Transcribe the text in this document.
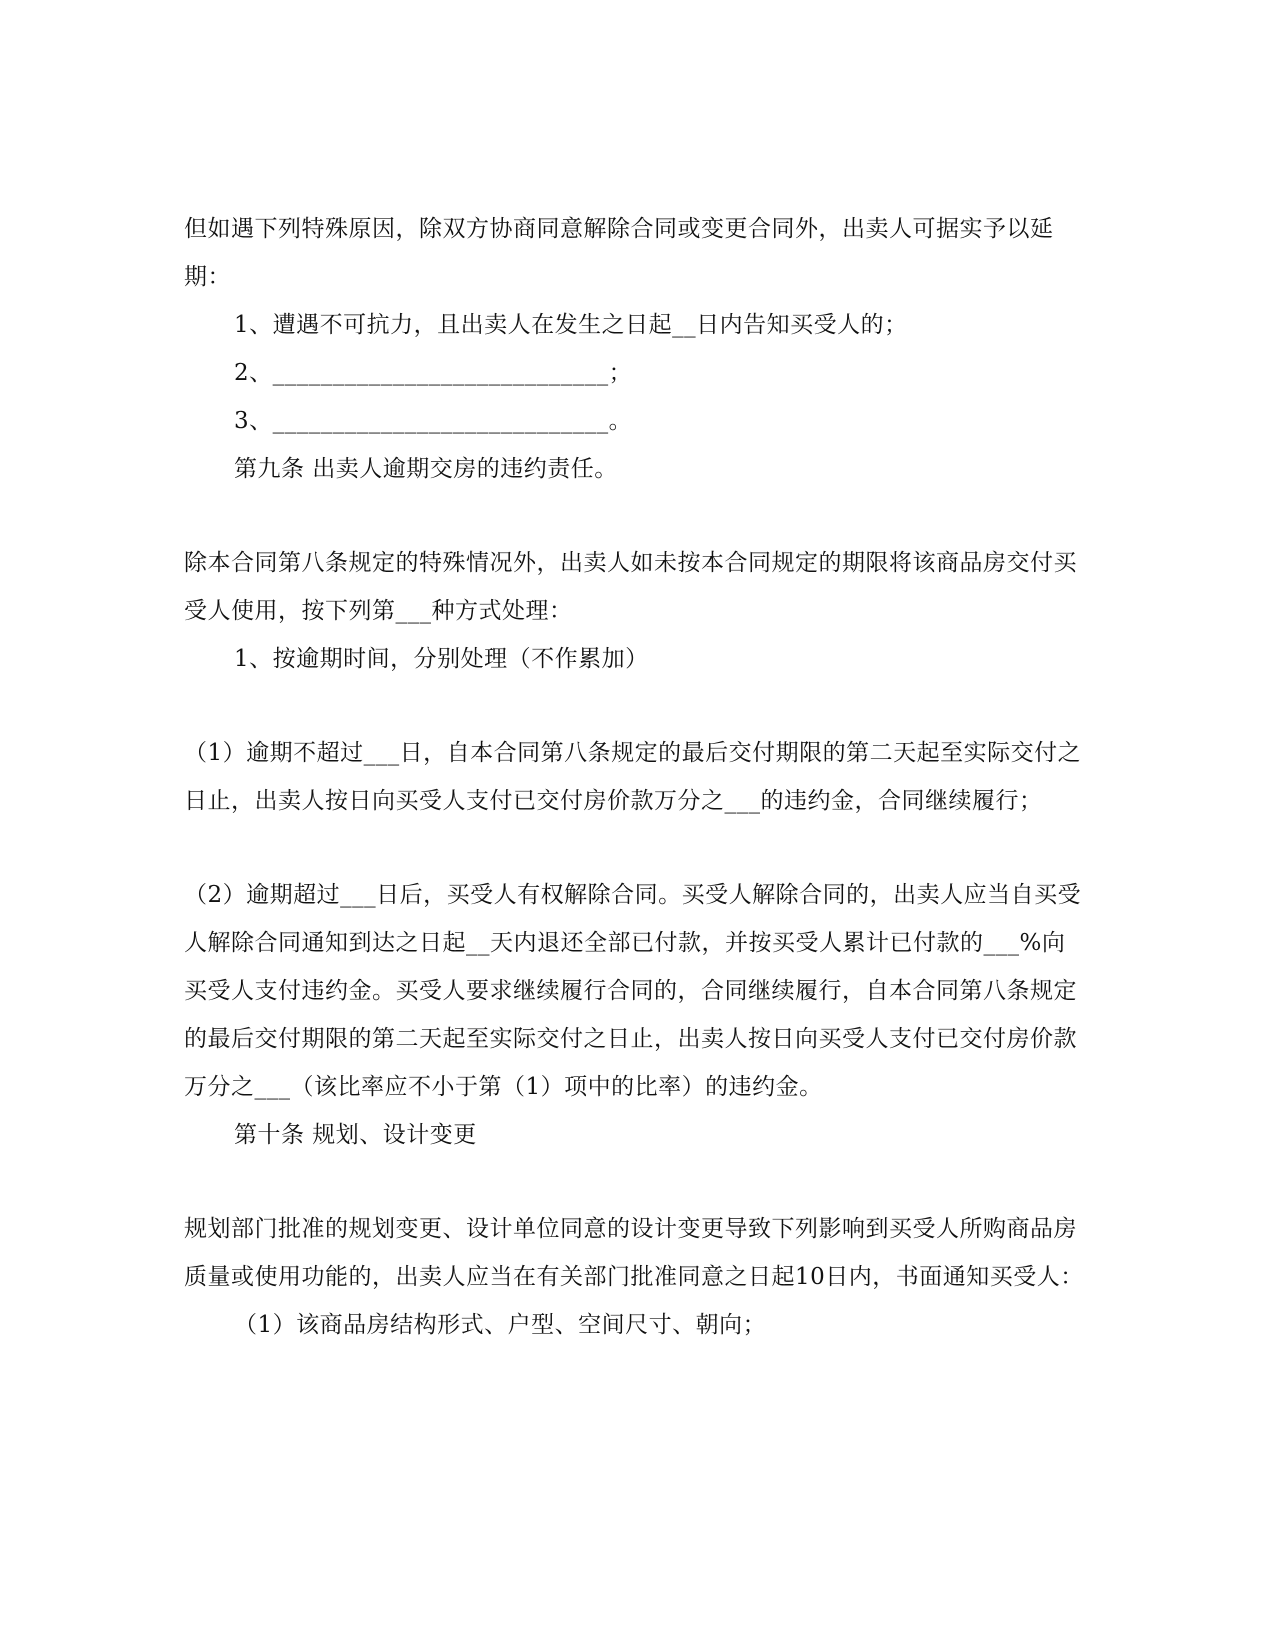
但如遇下列特殊原因，除双方协商同意解除合同或变更合同外，出卖人可据实予以延期：

1、遭遇不可抗力，且出卖人在发生之日起__日内告知买受人的；

2、____________________________；

3、____________________________。

第九条 出卖人逾期交房的违约责任。

除本合同第八条规定的特殊情况外，出卖人如未按本合同规定的期限将该商品房交付买受人使用，按下列第___种方式处理：

1、按逾期时间，分别处理（不作累加）

（1）逾期不超过___日，自本合同第八条规定的最后交付期限的第二天起至实际交付之日止，出卖人按日向买受人支付已交付房价款万分之___的违约金，合同继续履行；

（2）逾期超过___日后，买受人有权解除合同。买受人解除合同的，出卖人应当自买受人解除合同通知到达之日起__天内退还全部已付款，并按买受人累计已付款的___%向买受人支付违约金。买受人要求继续履行合同的，合同继续履行，自本合同第八条规定的最后交付期限的第二天起至实际交付之日止，出卖人按日向买受人支付已交付房价款万分之___（该比率应不小于第（1）项中的比率）的违约金。

第十条 规划、设计变更

规划部门批准的规划变更、设计单位同意的设计变更导致下列影响到买受人所购商品房质量或使用功能的，出卖人应当在有关部门批准同意之日起10日内，书面通知买受人：

（1）该商品房结构形式、户型、空间尺寸、朝向；
